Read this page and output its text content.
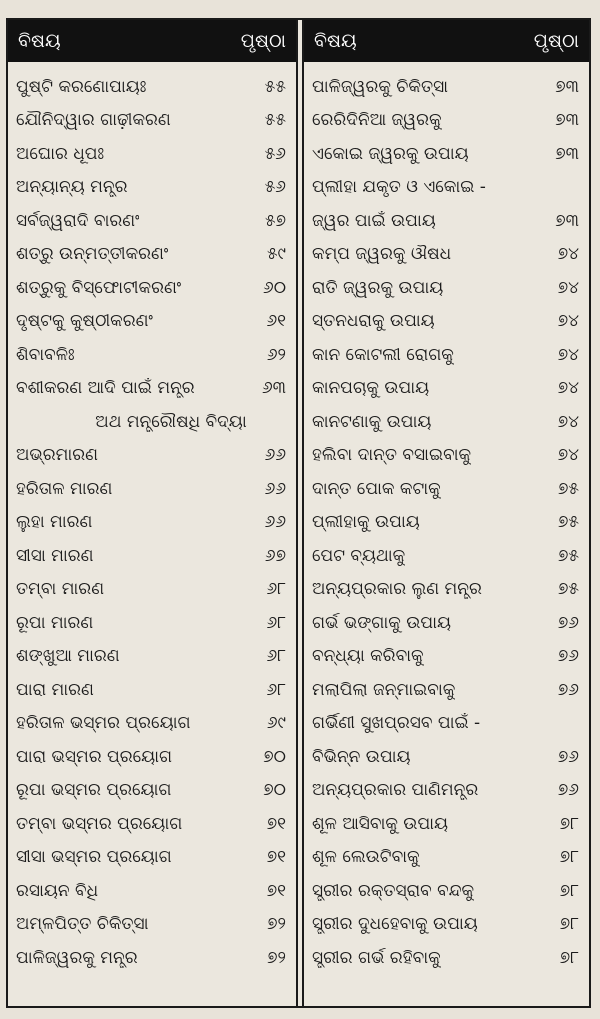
ବିଷୟ	ପୃଷ୍ଠା
ପୁଷ୍ଟି କରଣୋପାୟଃ	୫୫
ଯୌନିଦ୍ୱାର ଗାଢ଼ୀକରଣ	୫୫
ଅଘୋର ଧୂପଃ	୫୬
ଅନ୍ୟାନ୍ୟ ମନ୍ତ୍ର	୫୬
ସର୍ବଜ୍ୱରାଦି ବାରଣଂ	୫୭
ଶତ୍ରୁ ଉନ୍ମତ୍ତୀକରଣଂ	୫୯
ଶତ୍ରୁକୁ ବିସ୍ଫୋଟୀକରଣଂ	୬୦
ଦୃଷ୍ଟକୁ କୁଷ୍ଠୀକରଣଂ	୬୧
ଶିବାବଳିଃ	୬୨
ବଶୀକରଣ ଆଦି ପାଇଁ ମନ୍ତ୍ର	୬୩
ଅଥ ମନ୍ତ୍ରୌଷଧି ବିଦ୍ୟା
ଅଭ୍ରମାରଣ	୬୬
ହରିତାଳ ମାରଣ	୬୬
ଲୁହା ମାରଣ	୬୬
ସୀସା ମାରଣ	୬୭
ତମ୍ବା ମାରଣ	୬୮
ରୂପା ମାରଣ	୬୮
ଶଙ୍ଖୁଆ ମାରଣ	୬୮
ପାରା ମାରଣ	୬୮
ହରିତାଳ ଭସ୍ମର ପ୍ରୟୋଗ	୬୯
ପାରା ଭସ୍ମର ପ୍ରୟୋଗ	୭୦
ରୂପା ଭସ୍ମର ପ୍ରୟୋଗ	୭୦
ତମ୍ବା ଭସ୍ମର ପ୍ରୟୋଗ	୭୧
ସୀସା ଭସ୍ମର ପ୍ରୟୋଗ	୭୧
ରସାୟନ ବିଧି	୭୧
ଅମ୍ଳପିତ୍ତ ଚିକିତ୍ସା	୭୨
ପାଳିଜ୍ୱରକୁ ମନ୍ତ୍ର	୭୨
ବିଷୟ	ପୃଷ୍ଠା
ପାଳିଜ୍ୱରକୁ ଚିକିତ୍ସା	୭୩
ରେରିଦିନିଆ ଜ୍ୱରକୁ	୭୩
ଏକୋଇ ଜ୍ୱରକୁ ଉପାୟ	୭୩
ପ୍ଲୀହା ଯକୃତ ଓ ଏକୋଇ -
ଜ୍ୱର ପାଇଁ ଉପାୟ	୭୩
କମ୍ପ ଜ୍ୱରକୁ ଔଷଧ	୭୪
ରାତି ଜ୍ୱରକୁ ଉପାୟ	୭୪
ସ୍ତନଧରାକୁ ଉପାୟ	୭୪
କାନ କୋଟଲୀ ରୋଗକୁ	୭୪
କାନପଚାକୁ ଉପାୟ	୭୪
କାନଟଣାକୁ ଉପାୟ	୭୪
ହଲିବା ଦାନ୍ତ ବସାଇବାକୁ	୭୪
ଦାନ୍ତ ପୋକ କଟାକୁ	୭୫
ପ୍ଲୀହାକୁ ଉପାୟ	୭୫
ପେଟ ବ୍ୟଥାକୁ	୭୫
ଅନ୍ୟପ୍ରକାର ଲୁଣ ମନ୍ତ୍ର	୭୫
ଗର୍ଭ ଭଙ୍ଗାକୁ ଉପାୟ	୭୬
ବନ୍ଧ୍ୟା କରିବାକୁ	୭୬
ମଲାପିଲା ଜନ୍ମାଇବାକୁ	୭୬
ଗର୍ଭିଣୀ ସୁଖପ୍ରସବ ପାଇଁ -
ବିଭିନ୍ନ ଉପାୟ	୭୬
ଅନ୍ୟପ୍ରକାର ପାଣିମନ୍ତ୍ର	୭୬
ଶୂଳ ଆସିବାକୁ ଉପାୟ	୭୮
ଶୂଳ ଲେଉଟିବାକୁ	୭୮
ସ୍ତ୍ରୀର ରକ୍ତସ୍ରାବ ବନ୍ଦକୁ	୭୮
ସ୍ତ୍ରୀର ଦୁଧହେବାକୁ ଉପାୟ	୭୮
ସ୍ତ୍ରୀର ଗର୍ଭ ରହିବାକୁ	୭୮
